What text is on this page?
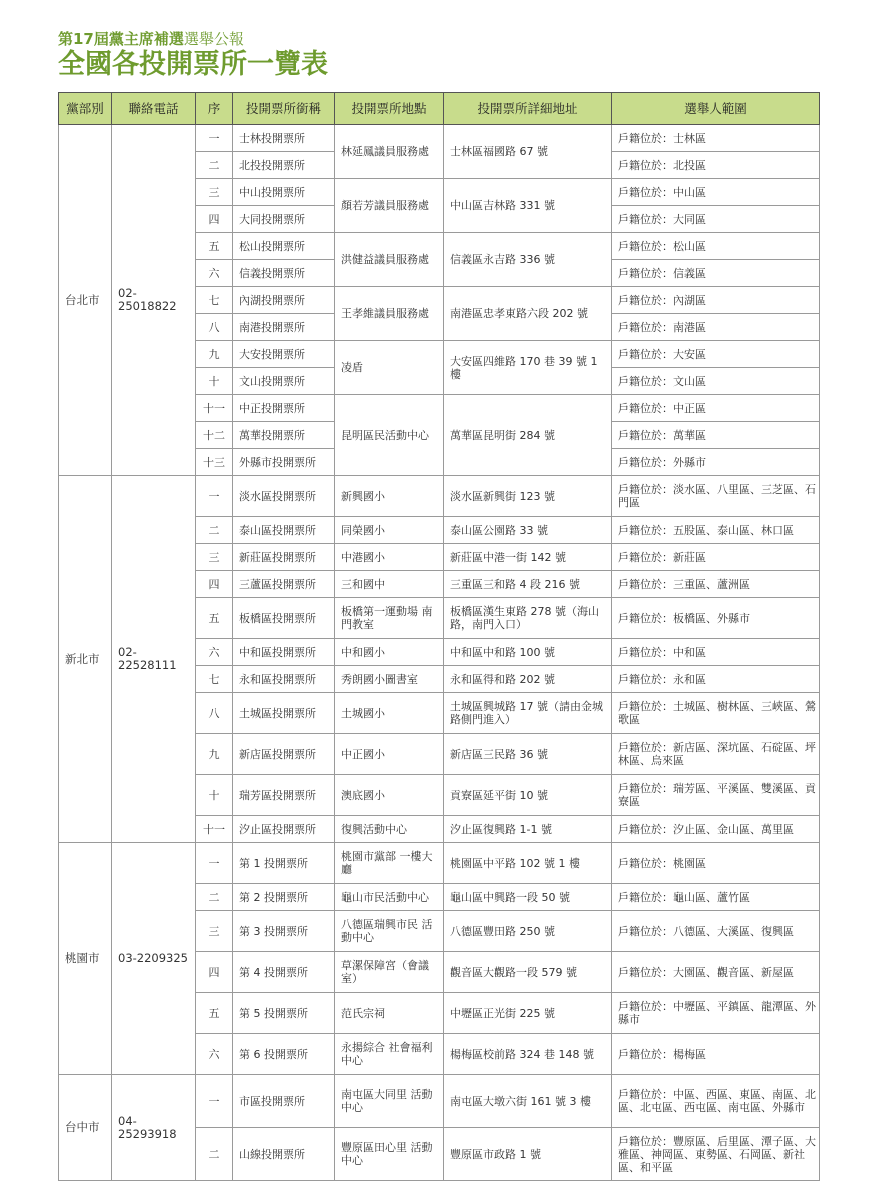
第17屆黨主席補選選舉公報
全國各投開票所一覽表
黨部別	聯絡電話	序	投開票所銜稱	投開票所地點	投開票所詳細地址	選舉人範圍
台北市	02-25018822	一	士林投開票所	林延鳳議員服務處	士林區福國路 67 號	戶籍位於：士林區
		二	北投投開票所			戶籍位於：北投區
		三	中山投開票所	顏若芳議員服務處	中山區吉林路 331 號	戶籍位於：中山區
		四	大同投開票所			戶籍位於：大同區
		五	松山投開票所	洪健益議員服務處	信義區永吉路 336 號	戶籍位於：松山區
		六	信義投開票所			戶籍位於：信義區
		七	內湖投開票所	王孝維議員服務處	南港區忠孝東路六段 202 號	戶籍位於：內湖區
		八	南港投開票所			戶籍位於：南港區
		九	大安投開票所	凌盾	大安區四維路 170 巷 39 號 1 樓	戶籍位於：大安區
		十	文山投開票所			戶籍位於：文山區
		十一	中正投開票所	昆明區民活動中心	萬華區昆明街 284 號	戶籍位於：中正區
		十二	萬華投開票所			戶籍位於：萬華區
		十三	外縣市投開票所			戶籍位於：外縣市
新北市	02-22528111	一	淡水區投開票所	新興國小	淡水區新興街 123 號	戶籍位於：淡水區、八里區、三芝區、石門區
		二	泰山區投開票所	同榮國小	泰山區公園路 33 號	戶籍位於：五股區、泰山區、林口區
		三	新莊區投開票所	中港國小	新莊區中港一街 142 號	戶籍位於：新莊區
		四	三蘆區投開票所	三和國中	三重區三和路 4 段 216 號	戶籍位於：三重區、蘆洲區
		五	板橋區投開票所	板橋第一運動場 南門教室	板橋區漢生東路 278 號（海山路，南門入口）	戶籍位於：板橋區、外縣市
		六	中和區投開票所	中和國小	中和區中和路 100 號	戶籍位於：中和區
		七	永和區投開票所	秀朗國小圖書室	永和區得和路 202 號	戶籍位於：永和區
		八	土城區投開票所	土城國小	土城區興城路 17 號（請由金城路側門進入）	戶籍位於：土城區、樹林區、三峽區、鶯歌區
		九	新店區投開票所	中正國小	新店區三民路 36 號	戶籍位於：新店區、深坑區、石碇區、坪林區、烏來區
		十	瑞芳區投開票所	澳底國小	貢寮區延平街 10 號	戶籍位於：瑞芳區、平溪區、雙溪區、貢寮區
		十一	汐止區投開票所	復興活動中心	汐止區復興路 1-1 號	戶籍位於：汐止區、金山區、萬里區
桃園市	03-2209325	一	第 1 投開票所	桃園市黨部 一樓大廳	桃園區中平路 102 號 1 樓	戶籍位於：桃園區
		二	第 2 投開票所	龜山市民活動中心	龜山區中興路一段 50 號	戶籍位於：龜山區、蘆竹區
		三	第 3 投開票所	八德區瑞興市民 活動中心	八德區豐田路 250 號	戶籍位於：八德區、大溪區、復興區
		四	第 4 投開票所	草漯保障宮（會議室）	觀音區大觀路一段 579 號	戶籍位於：大園區、觀音區、新屋區
		五	第 5 投開票所	范氏宗祠	中壢區正光街 225 號	戶籍位於：中壢區、平鎮區、龍潭區、外縣市
		六	第 6 投開票所	永揚綜合 社會福利中心	楊梅區校前路 324 巷 148 號	戶籍位於：楊梅區
台中市	04-25293918	一	市區投開票所	南屯區大同里 活動中心	南屯區大墩六街 161 號 3 樓	戶籍位於：中區、西區、東區、南區、北區、北屯區、西屯區、南屯區、外縣市
		二	山線投開票所	豐原區田心里 活動中心	豐原區市政路 1 號	戶籍位於：豐原區、后里區、潭子區、大雅區、神岡區、東勢區、石岡區、新社區、和平區
